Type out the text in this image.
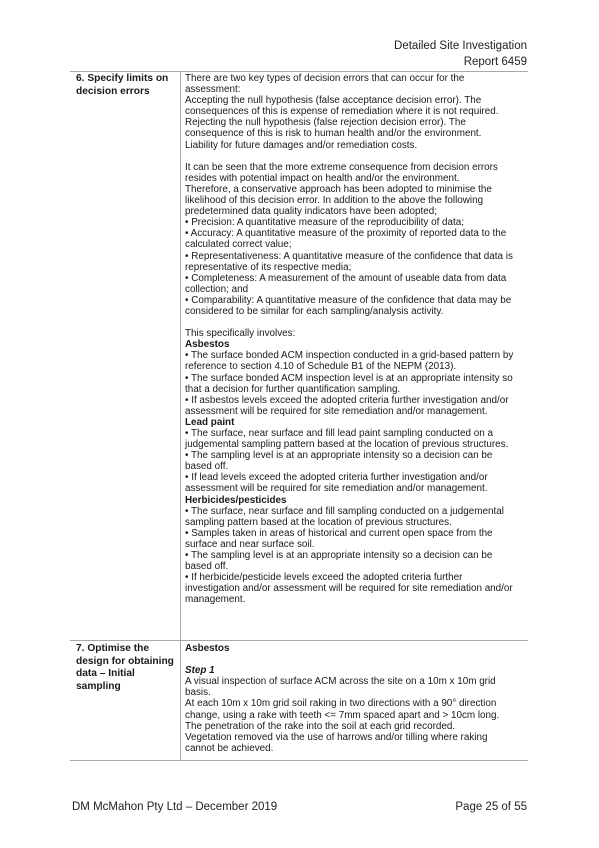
Detailed Site Investigation
Report 6459
6. Specify limits on decision errors

There are two key types of decision errors that can occur for the

assessment:

Accepting the null hypothesis (false acceptance decision error). The

consequences of this is expense of remediation where it is not required.

Rejecting the null hypothesis (false rejection decision error). The

consequence of this is risk to human health and/or the environment.

Liability for future damages and/or remediation costs.

It can be seen that the more extreme consequence from decision errors

resides with potential impact on health and/or the environment.

Therefore, a conservative approach has been adopted to minimise the

likelihood of this decision error. In addition to the above the following

predetermined data quality indicators have been adopted;

• Precision: A quantitative measure of the reproducibility of data;

• Accuracy: A quantitative measure of the proximity of reported data to the

calculated correct value;

• Representativeness: A quantitative measure of the confidence that data is

representative of its respective media;

• Completeness: A measurement of the amount of useable data from data

collection; and

• Comparability: A quantitative measure of the confidence that data may be

considered to be similar for each sampling/analysis activity.

This specifically involves:

Asbestos

• The surface bonded ACM inspection conducted in a grid-based pattern by

reference to section 4.10 of Schedule B1 of the NEPM (2013).

• The surface bonded ACM inspection level is at an appropriate intensity so

that a decision for further quantification sampling.

• If asbestos levels exceed the adopted criteria further investigation and/or

assessment will be required for site remediation and/or management.

Lead paint

• The surface, near surface and fill lead paint sampling conducted on a

judgemental sampling pattern based at the location of previous structures.

• The sampling level is at an appropriate intensity so a decision can be

based off.

• If lead levels exceed the adopted criteria further investigation and/or

assessment will be required for site remediation and/or management.

Herbicides/pesticides

• The surface, near surface and fill sampling conducted on a judgemental

sampling pattern based at the location of previous structures.

• Samples taken in areas of historical and current open space from the

surface and near surface soil.

• The sampling level is at an appropriate intensity so a decision can be

based off.

• If herbicide/pesticide levels exceed the adopted criteria further

investigation and/or assessment will be required for site remediation and/or

management.

7. Optimise the design for obtaining data – Initial sampling

Asbestos

Step 1

A visual inspection of surface ACM across the site on a 10m x 10m grid

basis.

At each 10m x 10m grid soil raking in two directions with a 90° direction

change, using a rake with teeth <= 7mm spaced apart and > 10cm long.

The penetration of the rake into the soil at each grid recorded.

Vegetation removed via the use of harrows and/or tilling where raking

cannot be achieved.

DM McMahon Pty Ltd – December 2019	Page 25 of 55
